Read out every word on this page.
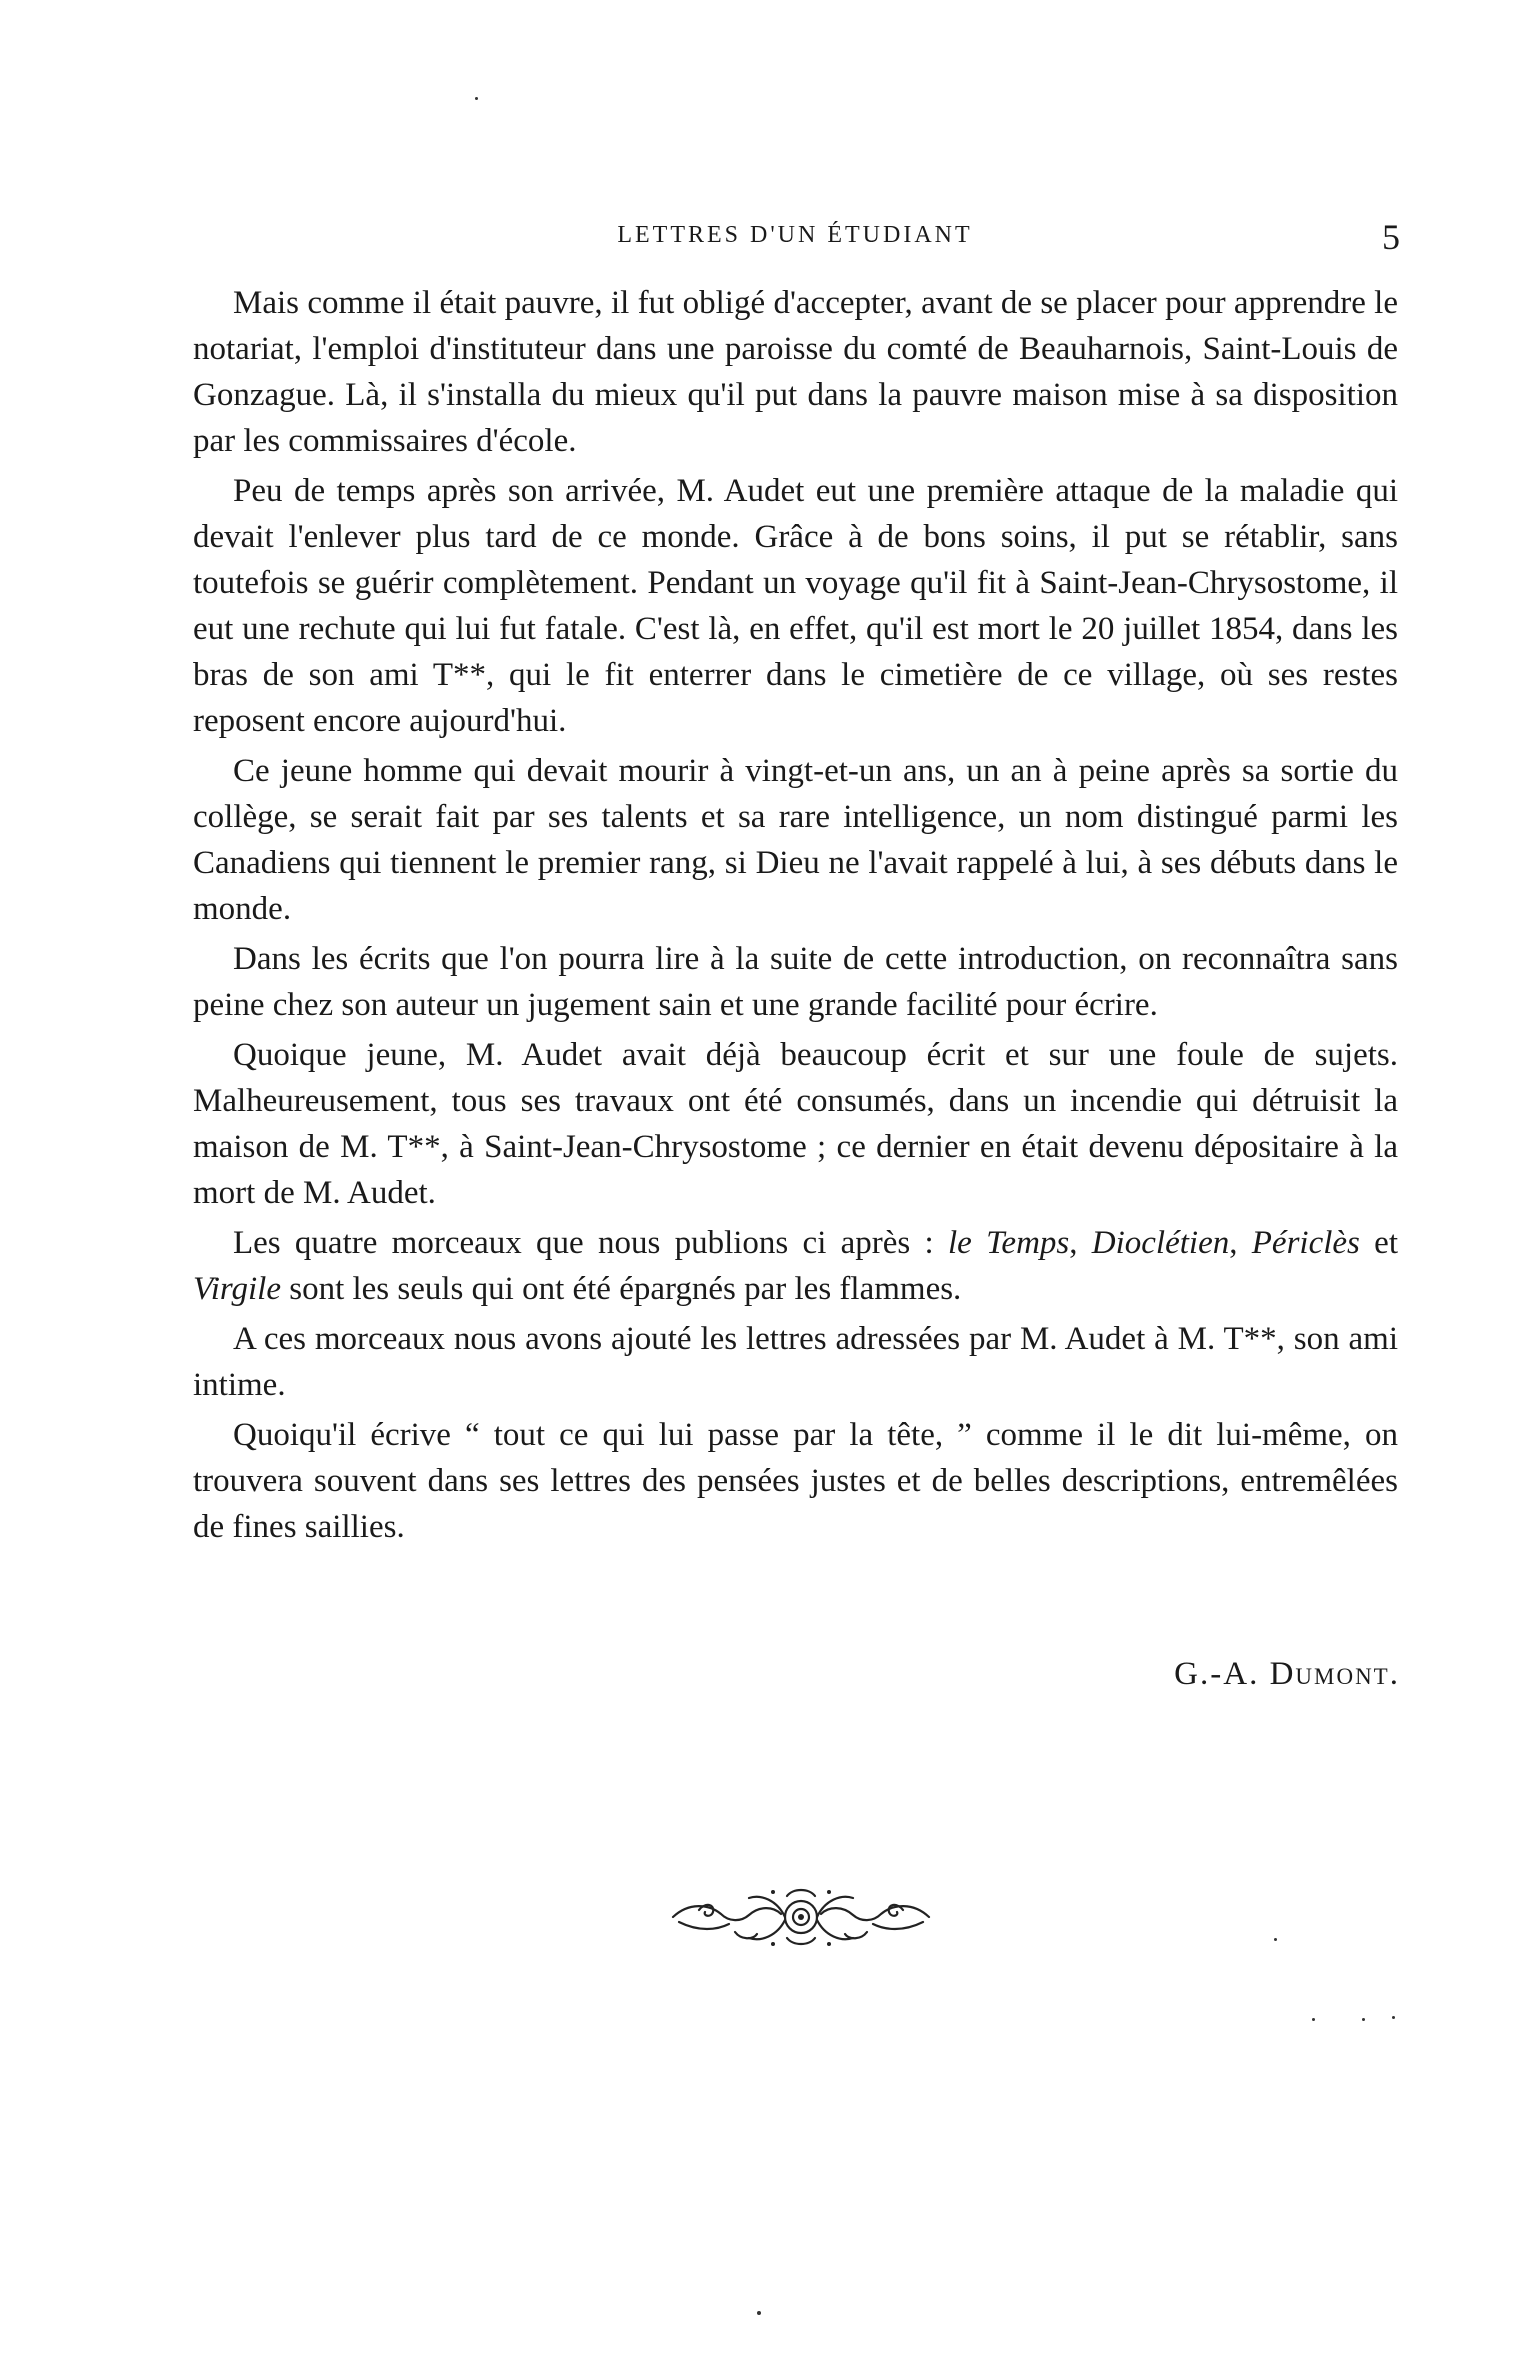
LETTRES D'UN ÉTUDIANT	5

Mais comme il était pauvre, il fut obligé d'accepter, avant de se placer pour apprendre le notariat, l'emploi d'instituteur dans une paroisse du comté de Beauharnois, Saint-Louis de Gonzague. Là, il s'installa du mieux qu'il put dans la pauvre maison mise à sa disposition par les commissaires d'école.

Peu de temps après son arrivée, M. Audet eut une première attaque de la maladie qui devait l'enlever plus tard de ce monde. Grâce à de bons soins, il put se rétablir, sans toutefois se guérir complètement. Pendant un voyage qu'il fit à Saint-Jean-Chrysostome, il eut une rechute qui lui fut fatale. C'est là, en effet, qu'il est mort le 20 juillet 1854, dans les bras de son ami T**, qui le fit enterrer dans le cimetière de ce village, où ses restes reposent encore aujourd'hui.

Ce jeune homme qui devait mourir à vingt-et-un ans, un an à peine après sa sortie du collège, se serait fait par ses talents et sa rare intelligence, un nom distingué parmi les Canadiens qui tiennent le premier rang, si Dieu ne l'avait rappelé à lui, à ses débuts dans le monde.

Dans les écrits que l'on pourra lire à la suite de cette introduction, on reconnaîtra sans peine chez son auteur un jugement sain et une grande facilité pour écrire.

Quoique jeune, M. Audet avait déjà beaucoup écrit et sur une foule de sujets. Malheureusement, tous ses travaux ont été consumés, dans un incendie qui détruisit la maison de M. T**, à Saint-Jean-Chrysostome ; ce dernier en était devenu dépositaire à la mort de M. Audet.

Les quatre morceaux que nous publions ci après : le Temps, Dioclétien, Périclès et Virgile sont les seuls qui ont été épargnés par les flammes.

A ces morceaux nous avons ajouté les lettres adressées par M. Audet à M. T**, son ami intime.

Quoiqu'il écrive “ tout ce qui lui passe par la tête, ” comme il le dit lui-même, on trouvera souvent dans ses lettres des pensées justes et de belles descriptions, entremêlées de fines saillies.

G.-A. Dumont.
